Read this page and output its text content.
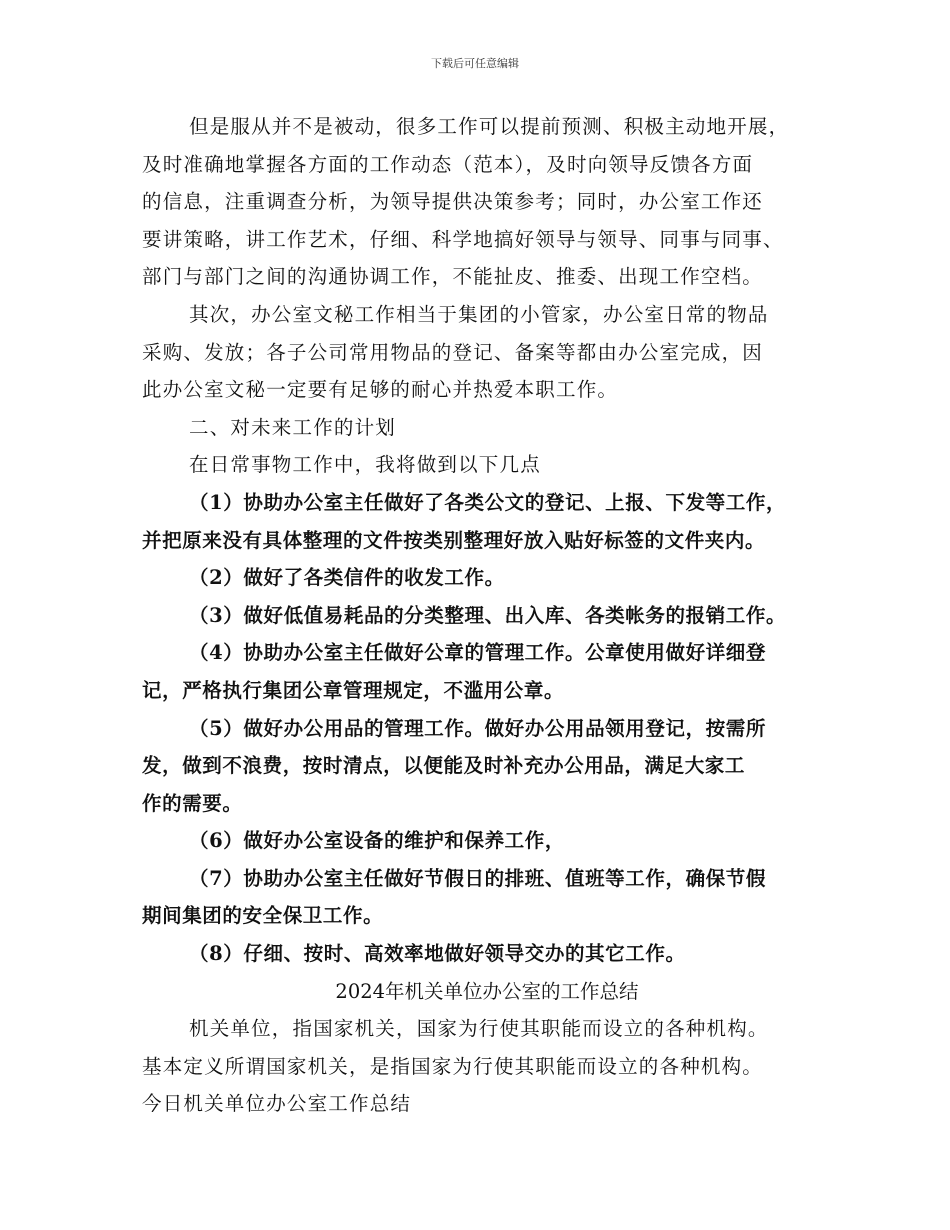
下载后可任意编辑

但是服从并不是被动，很多工作可以提前预测、积极主动地开展，

及时准确地掌握各方面的工作动态（范本），及时向领导反馈各方面

的信息，注重调查分析，为领导提供决策参考；同时，办公室工作还

要讲策略，讲工作艺术，仔细、科学地搞好领导与领导、同事与同事、

部门与部门之间的沟通协调工作，不能扯皮、推委、出现工作空档。

其次，办公室文秘工作相当于集团的小管家，办公室日常的物品

采购、发放；各子公司常用物品的登记、备案等都由办公室完成，因

此办公室文秘一定要有足够的耐心并热爱本职工作。

二、对未来工作的计划

在日常事物工作中，我将做到以下几点

（1）协助办公室主任做好了各类公文的登记、上报、下发等工作，

并把原来没有具体整理的文件按类别整理好放入贴好标签的文件夹内。

（2）做好了各类信件的收发工作。

（3）做好低值易耗品的分类整理、出入库、各类帐务的报销工作。

（4）协助办公室主任做好公章的管理工作。公章使用做好详细登

记，严格执行集团公章管理规定，不滥用公章。

（5）做好办公用品的管理工作。做好办公用品领用登记，按需所

发，做到不浪费，按时清点，以便能及时补充办公用品，满足大家工

作的需要。

（6）做好办公室设备的维护和保养工作，

（7）协助办公室主任做好节假日的排班、值班等工作，确保节假

期间集团的安全保卫工作。

（8）仔细、按时、高效率地做好领导交办的其它工作。

2024年机关单位办公室的工作总结

机关单位，指国家机关，国家为行使其职能而设立的各种机构。

基本定义所谓国家机关，是指国家为行使其职能而设立的各种机构。

今日机关单位办公室工作总结
